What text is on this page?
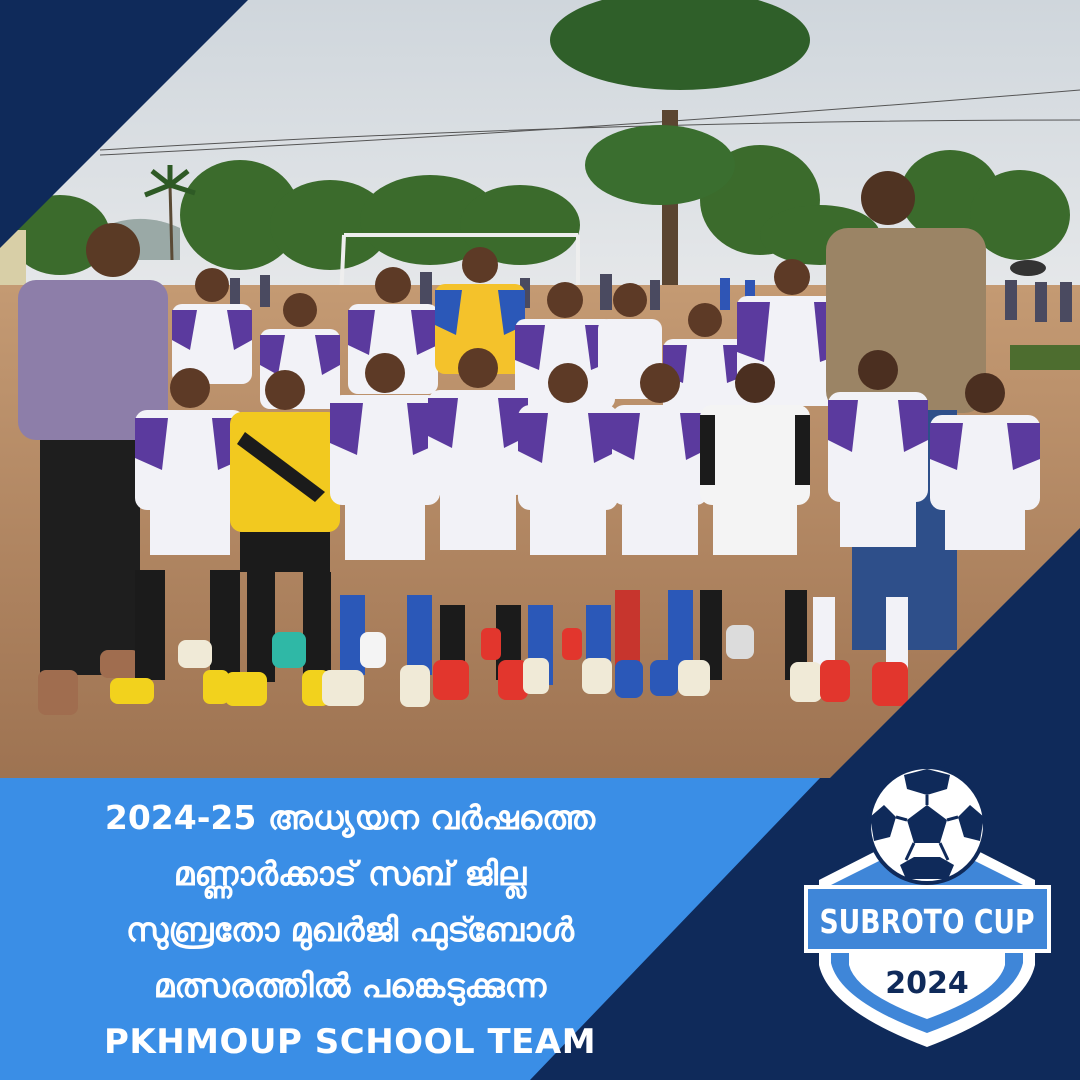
2024-25 അധ്യയന വർഷത്തെ
മണ്ണാർക്കാട് സബ് ജില്ല
സുബ്രതോ മുഖർജി ഫുട്ബോൾ
മത്സരത്തിൽ പങ്കെടുക്കുന്ന
PKHMOUP SCHOOL TEAM
SUBROTO CUP
2024
